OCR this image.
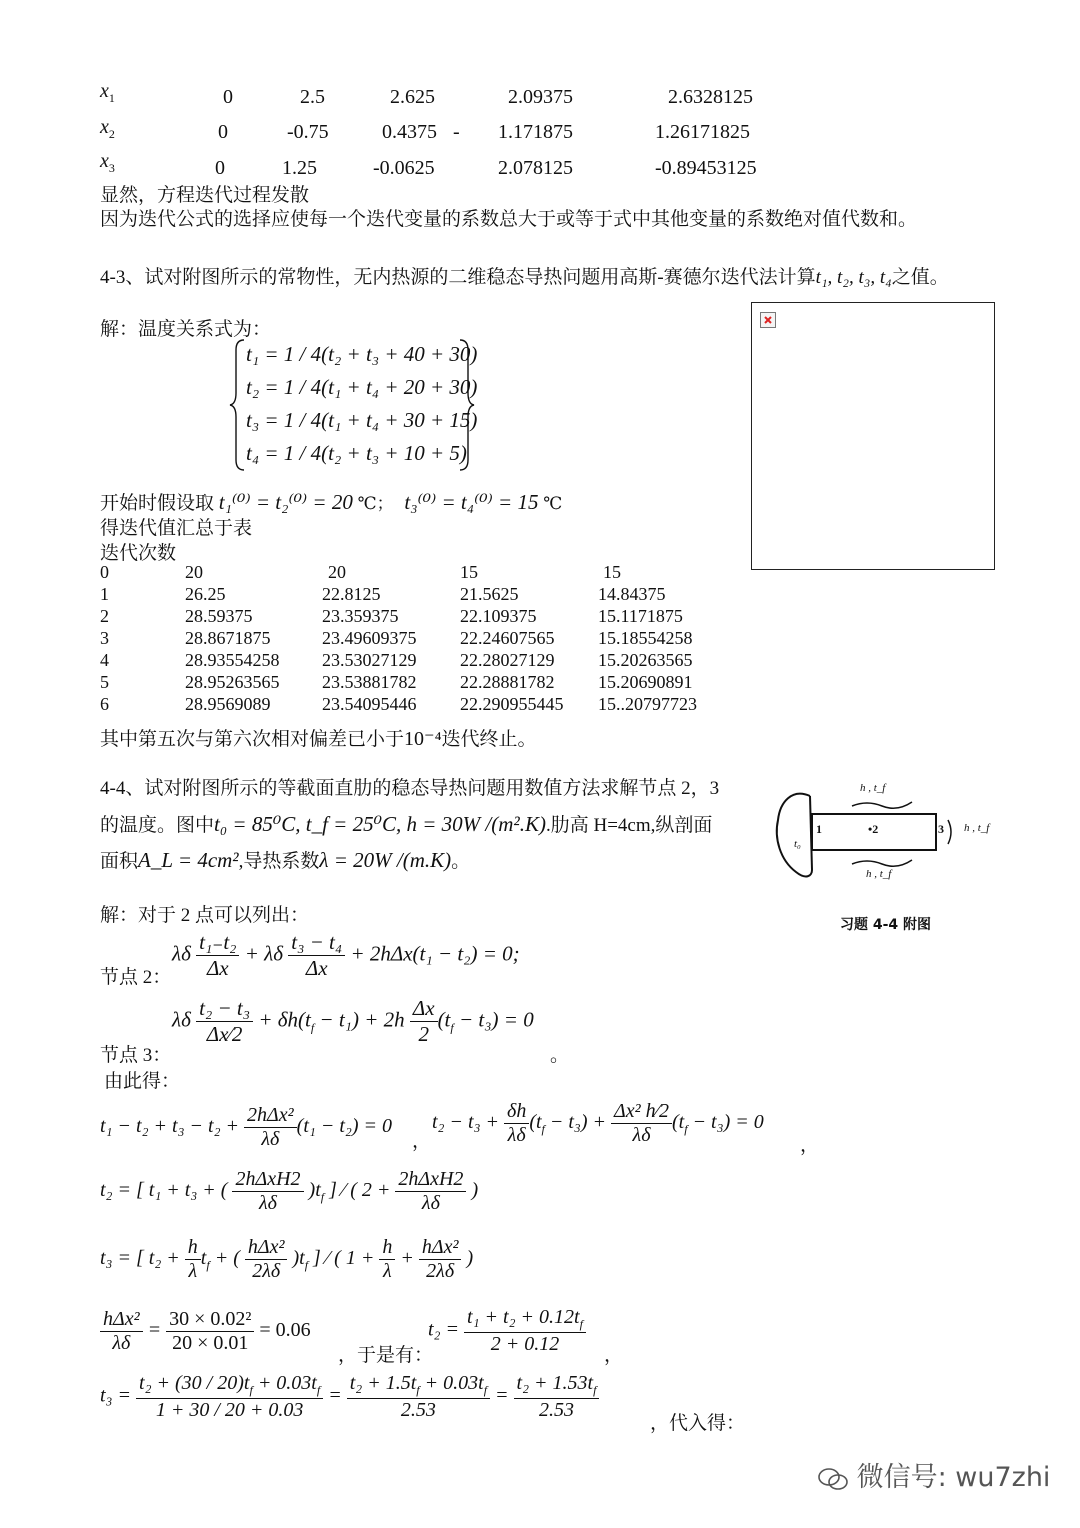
$x_1$	0	2.5	2.625	2.09375	2.6328125
$x_2$	0	-0.75	0.4375 - 1.171875	1.26171825
$x_3$	0	1.25	-0.0625	2.078125	-0.89453125
显然，方程迭代过程发散
因为迭代公式的选择应使每一个迭代变量的系数总大于或等于式中其他变量的系数绝对值代数和。
4-3、试对附图所示的常物性，无内热源的二维稳态导热问题用高斯-赛德尔迭代法计算t₁, t₂, t₃, t₄之值。
解：温度关系式为：
t₁ = 1 / 4(t₂ + t₃ + 40 + 30)
t₂ = 1 / 4(t₁ + t₄ + 20 + 30)
t₃ = 1 / 4(t₁ + t₄ + 30 + 15)
t₄ = 1 / 4(t₂ + t₃ + 10 + 5)
开始时假设取 t₁⁽⁰⁾ = t₂⁽⁰⁾ = 20 ℃； t₃⁽⁰⁾ = t₄⁽⁰⁾ = 15 ℃
得迭代值汇总于表
迭代次数
0	20	20	15	15
1	26.25	22.8125	21.5625	14.84375
2	28.59375	23.359375	22.109375	15.1171875
3	28.8671875	23.49609375 22.24607565 15.18554258
4	28.93554258 23.53027129 22.28027129 15.20263565
5	28.95263565 23.53881782 22.28881782 15.20690891
6	28.9569089	23.54095446 22.290955445 15..20797723
其中第五次与第六次相对偏差已小于10⁻⁴迭代终止。
4-4、试对附图所示的等截面直肋的稳态导热问题用数值方法求解节点 2，3
的温度。图中t₀ = 85⁰C, t_f = 25⁰C, h = 30W /(m².K).肋高 H=4cm,纵剖面
面积A_L = 4cm²,导热系数λ = 20W /(m.K)。
h , t_f
h , t_f
h , t_f
t₀
1	•2	3
习题 4-4 附图
解：对于 2 点可以列出：
λδ $\frac{\text{t₁₋t₂}}{\Delta x} + \lambda\delta \frac{\text{t₃ − t₄}}{\Delta x} + 2h\Delta x(t_1 - t_2) = 0$;
节点 2：
λδ $\frac{\text{t₂ − t₃}}{\Delta x⁄2} + \delta h(t_f - t_1) + 2h \frac{\Delta x}{2} (t_f - t_3) = 0$
节点 3：	。
由此得：
$t_1 - t_2 + t_3 - t_2 + \frac{\text{2hΔx²}}{\lambda\delta} (t_1 - t_2) = 0$
，
$t_2 - t_3 + \frac{\delta h}{\lambda\delta} (t_f - t_3) + \frac{\text{Δx² h⁄2}}{\lambda\delta} (t_f - t_3) = 0$
，
t₂ = [ t₁ + t₃ + ( $\frac{\text{2hΔxH2}}{\lambda\delta} )t_f$ ] ⁄ ( $2 + \frac{\text{2hΔxH2}}{\lambda\delta}$ )
t₃ = [ $t_2 + \frac{h}{\lambda} t_f$ + ( $\frac{\text{hΔx²}}{2\lambda\delta} )t_f$ ] ⁄ ( $1 + \frac{h}{\lambda} + \frac{\text{hΔx²}}{2\lambda\delta}$ )
$\frac{\text{hΔx²}}{\lambda\delta} = \frac{\text{30 × 0.02²}}{20 \times 0.01} = 0.06$
，于是有：
$t_2 = \frac{t_1 + t_2 + 0.12t_f}{2 + 0.12}$ ，
$t_3 = \frac{t_2 + (30 / 20)t_f + 0.03t_f}{1 + 30 / 20 + 0.03} = \frac{t_2 + 1.5t_f + 0.03t_f}{2.53} = \frac{t_2 + 1.53t_f}{2.53}$
，代入得：
微信号: wu7zhi
